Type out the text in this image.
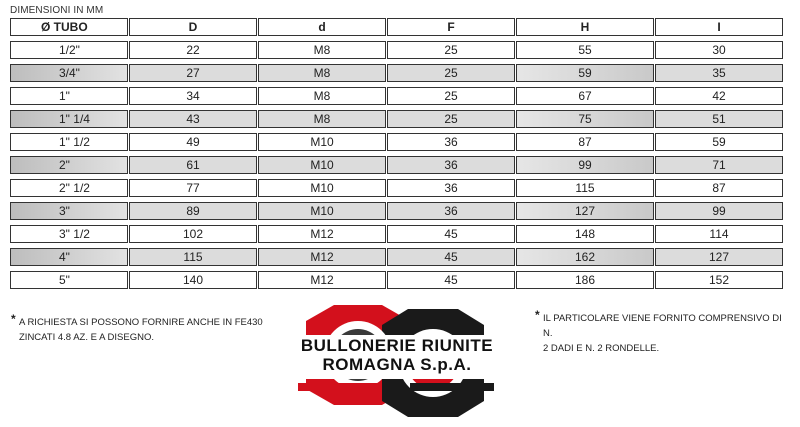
DIMENSIONI IN MM
Ø TUBO	D	d	F	H	I
1/2"	22	M8	25	55	30
3/4"	27	M8	25	59	35
1"	34	M8	25	67	42
1" 1/4	43	M8	25	75	51
1" 1/2	49	M10	36	87	59
2"	61	M10	36	99	71
2" 1/2	77	M10	36	115	87
3"	89	M10	36	127	99
3" 1/2	102	M12	45	148	114
4"	115	M12	45	162	127
5"	140	M12	45	186	152
* A RICHIESTA SI POSSONO FORNIRE ANCHE IN FE430
ZINCATI 4.8 AZ. E A DISEGNO.
* IL PARTICOLARE VIENE FORNITO COMPRENSIVO DI N.
2 DADI E N. 2 RONDELLE.
BULLONERIE RIUNITE
ROMAGNA S.p.A.
